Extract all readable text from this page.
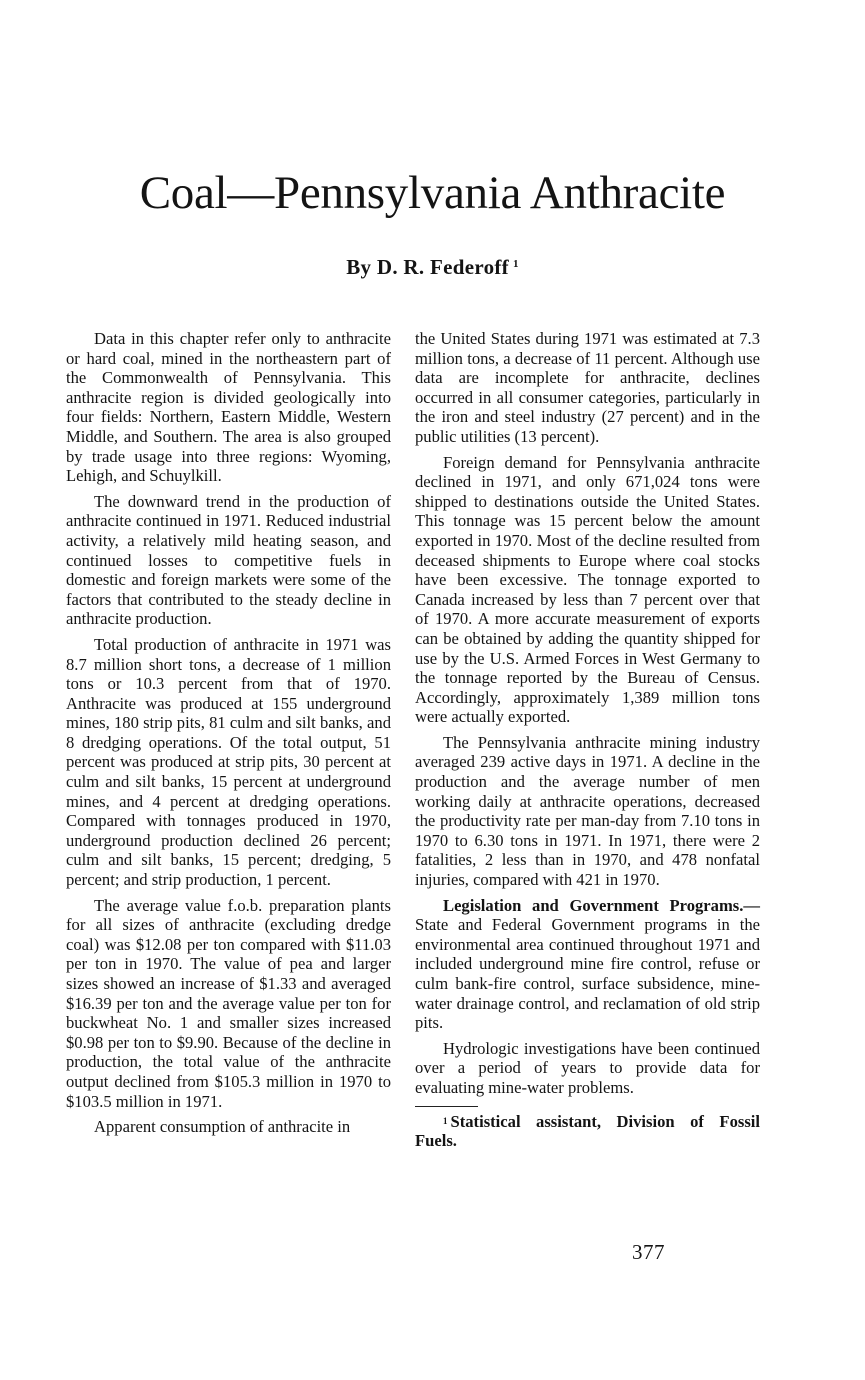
Coal—Pennsylvania Anthracite
By D. R. Federoff $^1$

Data in this chapter refer only to anthracite or hard coal, mined in the northeastern part of the Commonwealth of Pennsylvania. This anthracite region is divided geologically into four fields: Northern, Eastern Middle, Western Middle, and Southern. The area is also grouped by trade usage into three regions: Wyoming, Lehigh, and Schuylkill.

The downward trend in the production of anthracite continued in 1971. Reduced industrial activity, a relatively mild heating season, and continued losses to competitive fuels in domestic and foreign markets were some of the factors that contributed to the steady decline in anthracite production.

Total production of anthracite in 1971 was 8.7 million short tons, a decrease of 1 million tons or 10.3 percent from that of 1970. Anthracite was produced at 155 underground mines, 180 strip pits, 81 culm and silt banks, and 8 dredging operations. Of the total output, 51 percent was produced at strip pits, 30 percent at culm and silt banks, 15 percent at underground mines, and 4 percent at dredging operations. Compared with tonnages produced in 1970, underground production declined 26 percent; culm and silt banks, 15 percent; dredging, 5 percent; and strip production, 1 percent.

The average value f.o.b. preparation plants for all sizes of anthracite (excluding dredge coal) was $12.08 per ton compared with $11.03 per ton in 1970. The value of pea and larger sizes showed an increase of $1.33 and averaged $16.39 per ton and the average value per ton for buckwheat No. 1 and smaller sizes increased $0.98 per ton to $9.90. Because of the decline in production, the total value of the anthracite output declined from $105.3 million in 1970 to $103.5 million in 1971.

Apparent consumption of anthracite in

the United States during 1971 was estimated at 7.3 million tons, a decrease of 11 percent. Although use data are incomplete for anthracite, declines occurred in all consumer categories, particularly in the iron and steel industry (27 percent) and in the public utilities (13 percent).

Foreign demand for Pennsylvania anthracite declined in 1971, and only 671,024 tons were shipped to destinations outside the United States. This tonnage was 15 percent below the amount exported in 1970. Most of the decline resulted from deceased shipments to Europe where coal stocks have been excessive. The tonnage exported to Canada increased by less than 7 percent over that of 1970. A more accurate measurement of exports can be obtained by adding the quantity shipped for use by the U.S. Armed Forces in West Germany to the tonnage reported by the Bureau of Census. Accordingly, approximately 1,389 million tons were actually exported.

The Pennsylvania anthracite mining industry averaged 239 active days in 1971. A decline in the production and the average number of men working daily at anthracite operations, decreased the productivity rate per man-day from 7.10 tons in 1970 to 6.30 tons in 1971. In 1971, there were 2 fatalities, 2 less than in 1970, and 478 nonfatal injuries, compared with 421 in 1970.

Legislation and Government Programs.— State and Federal Government programs in the environmental area continued throughout 1971 and included underground mine fire control, refuse or culm bank-fire control, surface subsidence, mine-water drainage control, and reclamation of old strip pits.

Hydrologic investigations have been continued over a period of years to provide data for evaluating mine-water problems.

$^1$ Statistical assistant, Division of Fossil Fuels.

377
